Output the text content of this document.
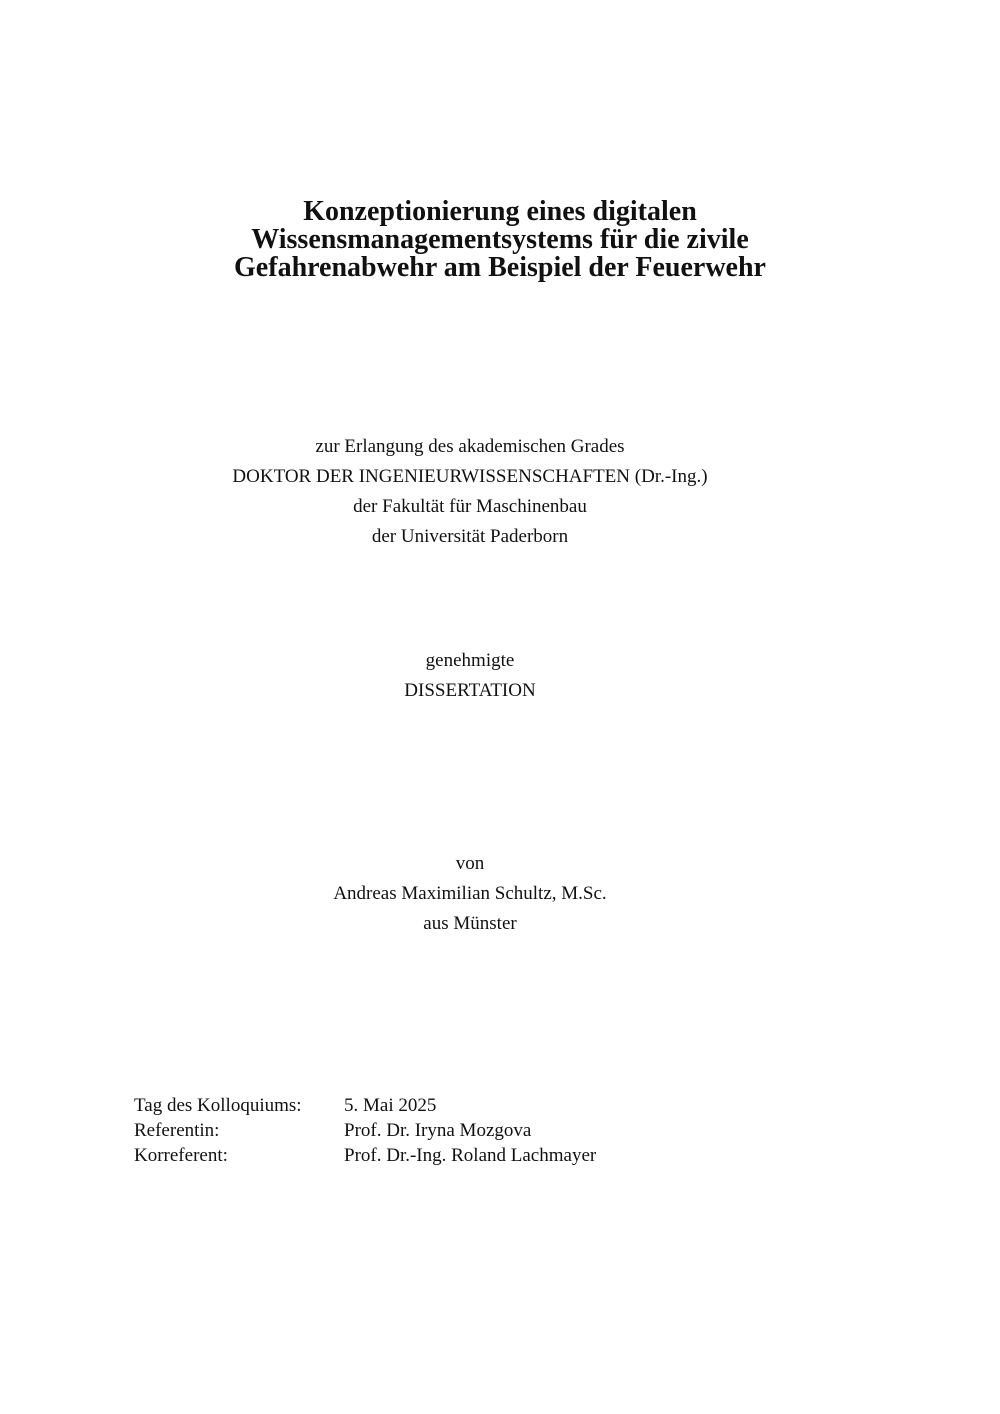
Konzeptionierung eines digitalen
Wissensmanagementsystems für die zivile
Gefahrenabwehr am Beispiel der Feuerwehr
zur Erlangung des akademischen Grades
DOKTOR DER INGENIEURWISSENSCHAFTEN (Dr.-Ing.)
der Fakultät für Maschinenbau
der Universität Paderborn
genehmigte
DISSERTATION
von
Andreas Maximilian Schultz, M.Sc.
aus Münster
Tag des Kolloquiums:	5. Mai 2025
Referentin:	Prof. Dr. Iryna Mozgova
Korreferent:	Prof. Dr.-Ing. Roland Lachmayer
